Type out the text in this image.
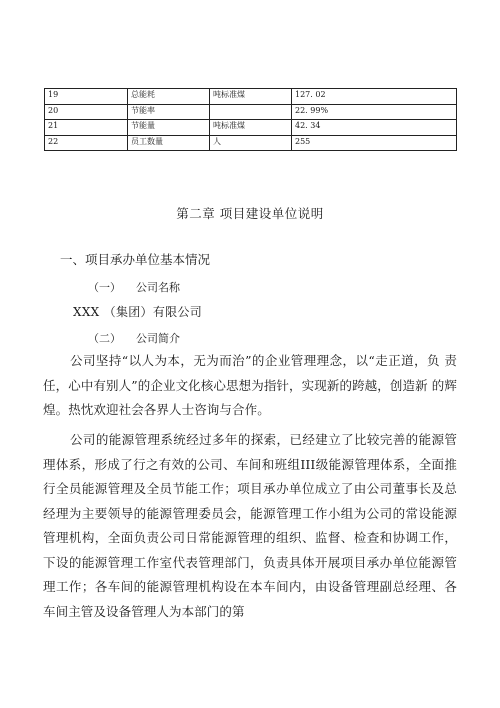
19	总能耗	吨标准煤	127. 02
20	节能率		22. 99%
21	节能量	吨标准煤	42. 34
22	员工数量	人	255
第二章 项目建设单位说明
一、项目承办单位基本情况
（一） 公司名称
XXX （集团）有限公司
（二） 公司简介

公司坚持“以人为本，无为而治”的企业管理理念，以“走正道，负 责任，心中有别人”的企业文化核心思想为指针，实现新的跨越，创造新 的辉煌。热忱欢迎社会各界人士咨询与合作。

公司的能源管理系统经过多年的探索，已经建立了比较完善的能源管 理体系，形成了行之有效的公司、车间和班组III级能源管理体系，全面推 行全员能源管理及全员节能工作；项目承办单位成立了由公司董事长及总 经理为主要领导的能源管理委员会，能源管理工作小组为公司的常设能源 管理机构，全面负责公司日常能源管理的组织、监督、检查和协调工作， 下设的能源管理工作室代表管理部门，负责具体开展项目承办单位能源管 理工作；各车间的能源管理机构设在本车间内，由设备管理副总经理、各 车间主管及设备管理人为本部门的第
